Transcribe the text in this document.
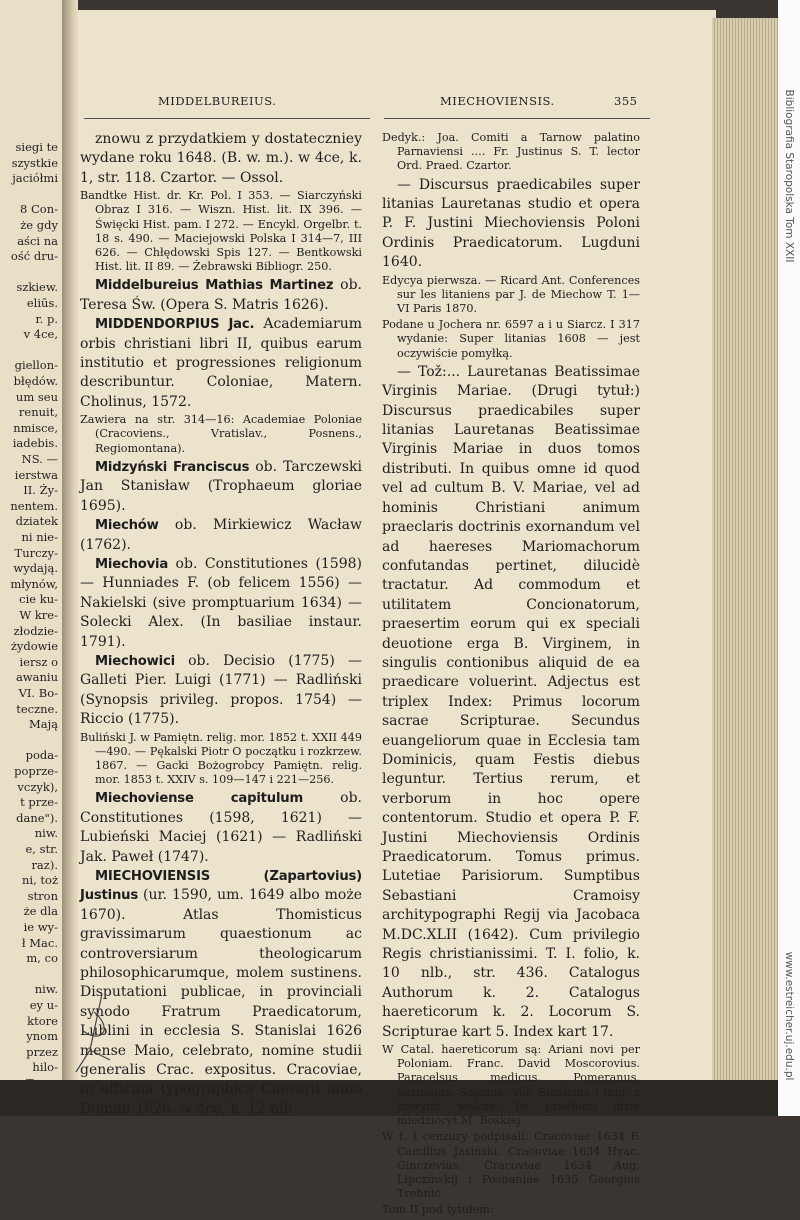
siegi te
szystkie
jaciółmi
8 Con-
że gdy
aści na
ość dru-
szkiew.
eliūs.
r. p.
v 4ce,
giellon-
błędów.
um seu
renuit,
nmisce,
iadebis.
NS. —
ierstwa
II. Ży-
nentem.
dziatek
ni nie-
Turczy-
wydają.
młynów,
cie ku-
W kre-
złodzie-
żydowie
iersz o
awaniu
VI. Bo-
teczne.
Mają
poda-
poprze-
vczyk),
t prze-
dane").
niw.
e, str.
raz).
ni, toż
stron
że dla
ie wy-
ł Mac.
m, co
niw.
ey u-
ktore
ynom
przez
hilo-
Bibliografia Staropolska Tom XXII
www.estreicher.uj.edu.pl
MIDDELBUREIUS.	MIECHOVIENSIS.	355

znowu z przydatkiem y dostateczniey wydane roku 1648. (B. w. m.). w 4ce, k. 1, str. 118. Czartor. — Ossol.

Bandtke Hist. dr. Kr. Pol. I 353. — Siarczyński Obraz I 316. — Wiszn. Hist. lit. IX 396. — Święcki Hist. pam. I 272. — Encykl. Orgelbr. t. 18 s. 490. — Maciejowski Polska I 314—7, III 626. — Chłędowski Spis 127. — Bentkowski Hist. lit. II 89. — Żebrawski Bibliogr. 250.

Middelbureius Mathias Martinez ob. Teresa Św. (Opera S. Matris 1626).

MIDDENDORPIUS Jac. Academiarum orbis christiani libri II, quibus earum institutio et progressiones religionum describuntur. Coloniae, Matern. Cholinus, 1572.

Zawiera na str. 314—16: Academiae Poloniae (Cracoviens., Vratislav., Posnens., Regiomontana).

Midzyński Franciscus ob. Tarczewski Jan Stanisław (Trophaeum gloriae 1695).

Miechów ob. Mirkiewicz Wacław (1762).

Miechovia ob. Constitutiones (1598) — Hunniades F. (ob felicem 1556) — Nakielski (sive promptuarium 1634) — Solecki Alex. (In basiliae instaur. 1791).

Miechowici ob. Decisio (1775) — Galleti Pier. Luigi (1771) — Radliński (Synopsis privileg. propos. 1754) — Riccio (1775).

Buliński J. w Pamiętn. relig. mor. 1852 t. XXII 449—490. — Pękalski Piotr O początku i rozkrzew. 1867. — Gacki Bożogrobcy Pamiętn. relig. mor. 1853 t. XXIV s. 109—147 i 221—256.

Miechoviense capitulum ob. Constitutiones (1598, 1621) — Lubieński Maciej (1621) — Radliński Jak. Paweł (1747).

MIECHOVIENSIS (Zapartovius) Justinus (ur. 1590, um. 1649 albo może 1670). Atlas Thomisticus gravissimarum quaestionum ac controversiarum theologicarum philosophicarumque, molem sustinens. Disputationi publicae, in provinciali synodo Fratrum Praedicatorum, Lublini in ecclesia S. Stanislai 1626 mense Maio, celebrato, nomine studii generalis Crac. expositus. Cracoviae, in officina typographica Caesarii anno Domini 1626. w 4ce, k. 12 nlb.

Dedyk.: Joa. Comiti a Tarnow palatino Parnaviensi .... Fr. Justinus S. T. lector Ord. Praed. Czartor.

— Discursus praedicabiles super litanias Lauretanas studio et opera P. F. Justini Miechoviensis Poloni Ordinis Praedicatorum. Lugduni 1640.

Edycya pierwsza. — Ricard Ant. Conferences sur les litaniens par J. de Miechow T. 1—VI Paris 1870.

Podane u Jochera nr. 6597 a i u Siarcz. I 317 wydanie: Super litanias 1608 — jest oczywiście pomyłką.

— Tož:... Lauretanas Beatissimae Virginis Mariae. (Drugi tytuł:) Discursus praedicabiles super litanias Lauretanas Beatissimae Virginis Mariae in duos tomos distributi. In quibus omne id quod vel ad cultum B. V. Mariae, vel ad hominis Christiani animum praeclaris doctrinis exornandum vel ad haereses Mariomachorum confutandas pertinet, dilucidè tractatur. Ad commodum et utilitatem Concionatorum, praesertim eorum qui ex speciali deuotione erga B. Virginem, in singulis contionibus aliquid de ea praedicare voluerint. Adjectus est triplex Index: Primus locorum sacrae Scripturae. Secundus euangeliorum quae in Ecclesia tam Dominicis, quam Festis diebus leguntur. Tertius rerum, et verborum in hoc opere contentorum. Studio et opera P. F. Justini Miechoviensis Ordinis Praedicatorum. Tomus primus. Lutetiae Parisiorum. Sumptibus Sebastiani Cramoisy architypographi Regij via Jacobaca M.DC.XLII (1642). Cum privilegio Regis christianissimi. T. I. folio, k. 10 nlb., str. 436. Catalogus Authorum k. 2. Catalogus haereticorum k. 2. Locorum S. Scripturae kart 5. Index kart 17.

W Catal. haereticorum są: Ariani novi per Poloniam. Franc. David Moscorovius. Paracelsus medicus. Pomeranus. Sarnicius. Socinus. Val. Smalcius i inni, z którymi walczy. Po praefatio idzie miedzioryt M. Boskiej.

W t. I cenzury podpisali: Cracoviae 1634 F. Camillus Jasiński. Cracoviae 1634 Hyac. Ginczevius. Cracoviae 1634 Aug. Lipczinskij i Posnaniae 1635 Georgius Trebnic.

Tom II pod tytułem:
